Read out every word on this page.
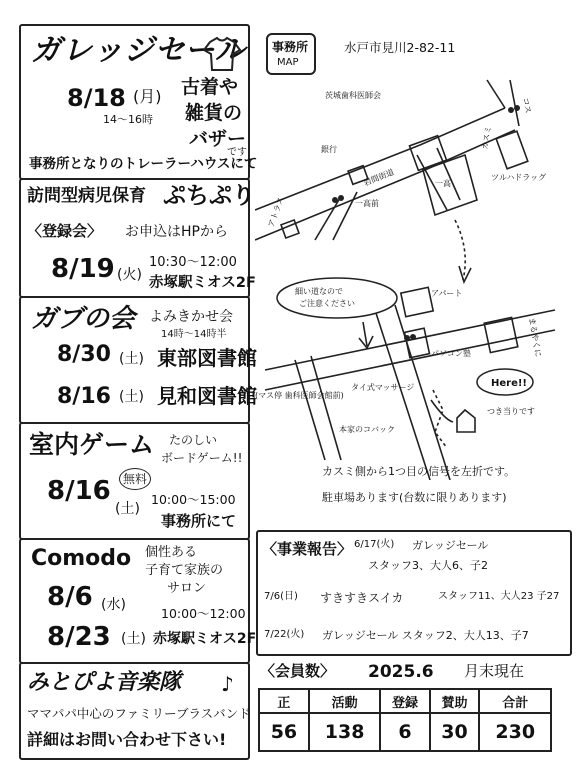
ガレッジセール
8/18 (月)
14～16時
古着や
雑貨の
バザー
です
事務所となりのトレーラーハウスにて
訪問型病児保育 ぷちぷり
〈登録会〉 お申込はHPから
8/19 (火)
10:30～12:00
赤塚駅ミオス2F
ガブの会 よみきかせ会
14時～14時半
8/30 (土) 東部図書館
8/16 (土) 見和図書館
室内ゲーム たのしい
ボードゲーム!!
無料
8/16
(土)
10:00～15:00
事務所にて
Comodo 個性ある
子育て家族の
サロン
8/6 (水)
10:00～12:00
8/23 (土) 赤塚駅ミオス2F
みとぴよ音楽隊 ♪
ママパパ中心のファミリーブラスバンド
詳細はお問い合わせ下さい!
事務所
MAP
水戸市見川2-82-11
茨城歯科医師会
コス
カスミ
ツルハドラッグ
銀行
アトラス
岩間街道	一高
一高前
細い道なので
ご注意ください
アパート
パソコン塾	まるやくに
タイ式マッサージ
本家のコバック
(マス停 歯科医師会館前)
Here!!
つき当りです
カスミ側から1つ目の信号を左折です。
駐車場あります(台数に限りあります)
〈事業報告〉 6/17(火) ガレッジセール
スタッフ3、大人6、子2
7/6(日) すきすきスイカ	スタッフ11、大人23 子27
7/22(火) ガレッジセール スタッフ2、大人13、子7
〈会員数〉 2025.6 月末現在
正	活動	登録	賛助	合計
56	138	6	30	230
